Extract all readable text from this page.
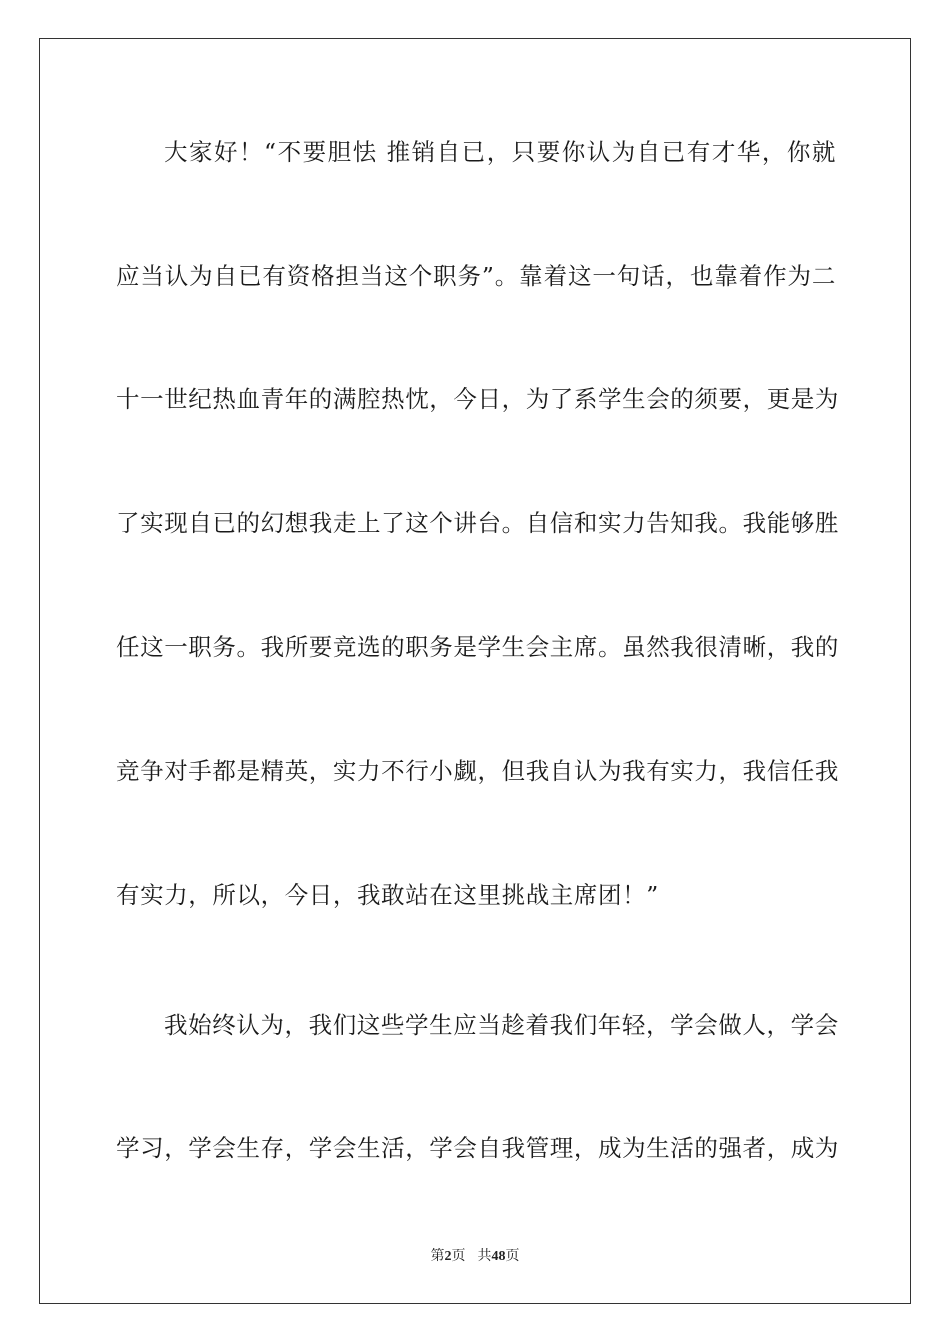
大家好！“不要胆怯 推销自已，只要你认为自已有才华，你就
应当认为自已有资格担当这个职务”。靠着这一句话，也靠着作为二
十一世纪热血青年的满腔热忱，今日，为了系学生会的须要，更是为
了实现自已的幻想我走上了这个讲台。自信和实力告知我。我能够胜
任这一职务。我所要竞选的职务是学生会主席。虽然我很清晰，我的
竞争对手都是精英，实力不行小觑，但我自认为我有实力，我信任我
有实力，所以，今日，我敢站在这里挑战主席团！”
我始终认为，我们这些学生应当趁着我们年轻，学会做人，学会
学习，学会生存，学会生活，学会自我管理，成为生活的强者，成为
第2页 共48页
